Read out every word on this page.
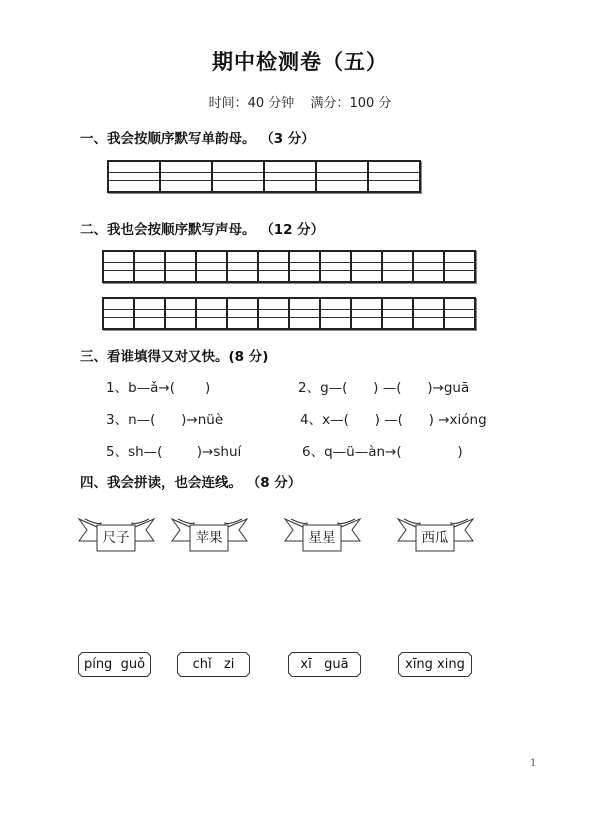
期中检测卷（五）
时间：40 分钟 满分：100 分
一、我会按顺序默写单韵母。 （3 分）
二、我也会按顺序默写声母。 （12 分）
三、看谁填得又对又快。(8 分)
1、b—ǎ→(       )	2、g—(      ) —(      )→guā
3、n—(      )→nüè	4、x—(      ) —(      ) →xióng
5、sh—(        )→shuí	6、q—ü—àn→(             )
四、我会拼读，也会连线。 （8 分）
尺子	苹果	星星	西瓜
píng  guǒ	chǐ   zi	xī   guā	xīng xing
1
